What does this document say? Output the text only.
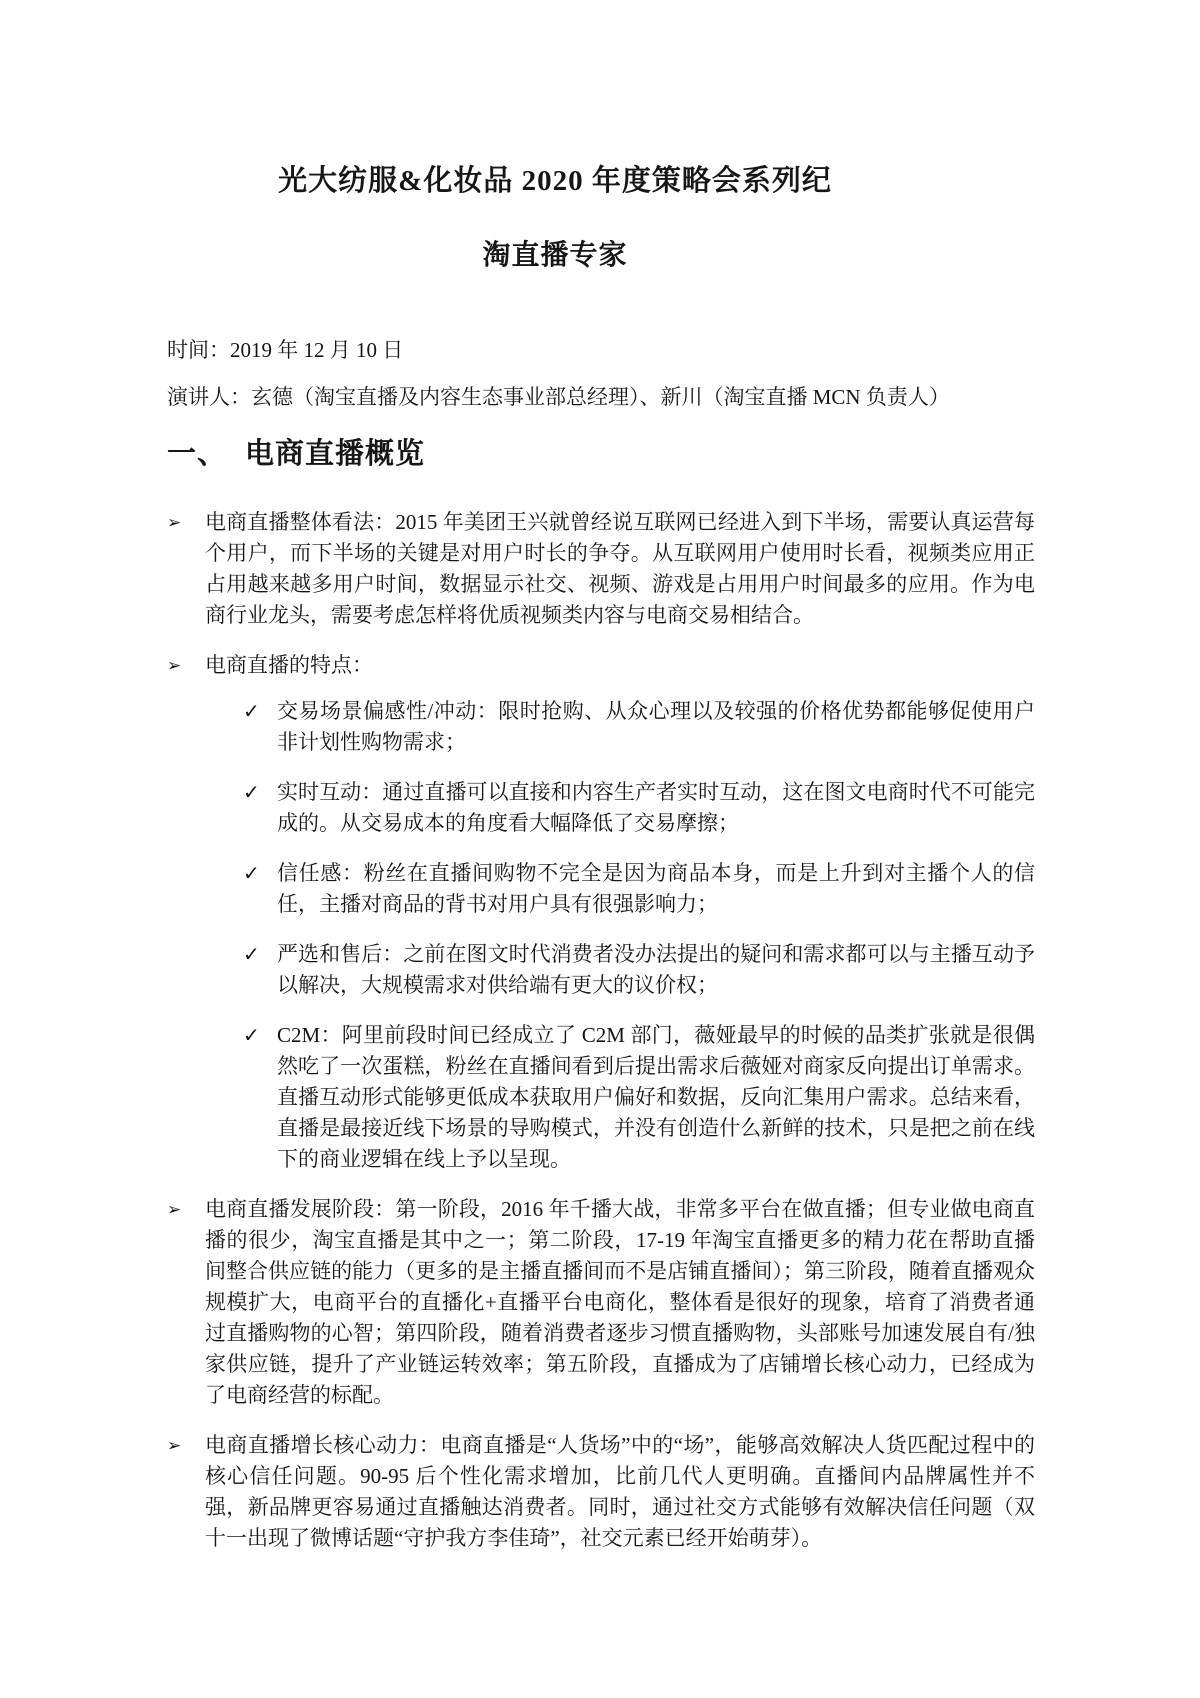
光大纺服&化妆品 2020 年度策略会系列纪
淘直播专家
时间：2019 年 12 月 10 日
演讲人：玄德（淘宝直播及内容生态事业部总经理）、新川（淘宝直播 MCN 负责人）
一、 电商直播概览
➢	电商直播整体看法：2015 年美团王兴就曾经说互联网已经进入到下半场，需要认真运营每个用户，而下半场的关键是对用户时长的争夺。从互联网用户使用时长看，视频类应用正占用越来越多用户时间，数据显示社交、视频、游戏是占用用户时间最多的应用。作为电商行业龙头，需要考虑怎样将优质视频类内容与电商交易相结合。
➢	电商直播的特点：
✓ 交易场景偏感性/冲动：限时抢购、从众心理以及较强的价格优势都能够促使用户非计划性购物需求；
✓ 实时互动：通过直播可以直接和内容生产者实时互动，这在图文电商时代不可能完成的。从交易成本的角度看大幅降低了交易摩擦；
✓ 信任感：粉丝在直播间购物不完全是因为商品本身，而是上升到对主播个人的信任，主播对商品的背书对用户具有很强影响力；
✓ 严选和售后：之前在图文时代消费者没办法提出的疑问和需求都可以与主播互动予以解决，大规模需求对供给端有更大的议价权；
✓ C2M：阿里前段时间已经成立了 C2M 部门，薇娅最早的时候的品类扩张就是很偶然吃了一次蛋糕，粉丝在直播间看到后提出需求后薇娅对商家反向提出订单需求。直播互动形式能够更低成本获取用户偏好和数据，反向汇集用户需求。总结来看，直播是最接近线下场景的导购模式，并没有创造什么新鲜的技术，只是把之前在线下的商业逻辑在线上予以呈现。
➢	电商直播发展阶段：第一阶段，2016 年千播大战，非常多平台在做直播；但专业做电商直播的很少，淘宝直播是其中之一；第二阶段，17-19 年淘宝直播更多的精力花在帮助直播间整合供应链的能力（更多的是主播直播间而不是店铺直播间）；第三阶段，随着直播观众规模扩大，电商平台的直播化+直播平台电商化，整体看是很好的现象，培育了消费者通过直播购物的心智；第四阶段，随着消费者逐步习惯直播购物，头部账号加速发展自有/独家供应链，提升了产业链运转效率；第五阶段，直播成为了店铺增长核心动力，已经成为了电商经营的标配。
➢	电商直播增长核心动力：电商直播是“人货场”中的“场”，能够高效解决人货匹配过程中的核心信任问题。90-95 后个性化需求增加，比前几代人更明确。直播间内品牌属性并不强，新品牌更容易通过直播触达消费者。同时，通过社交方式能够有效解决信任问题（双十一出现了微博话题“守护我方李佳琦”，社交元素已经开始萌芽）。
